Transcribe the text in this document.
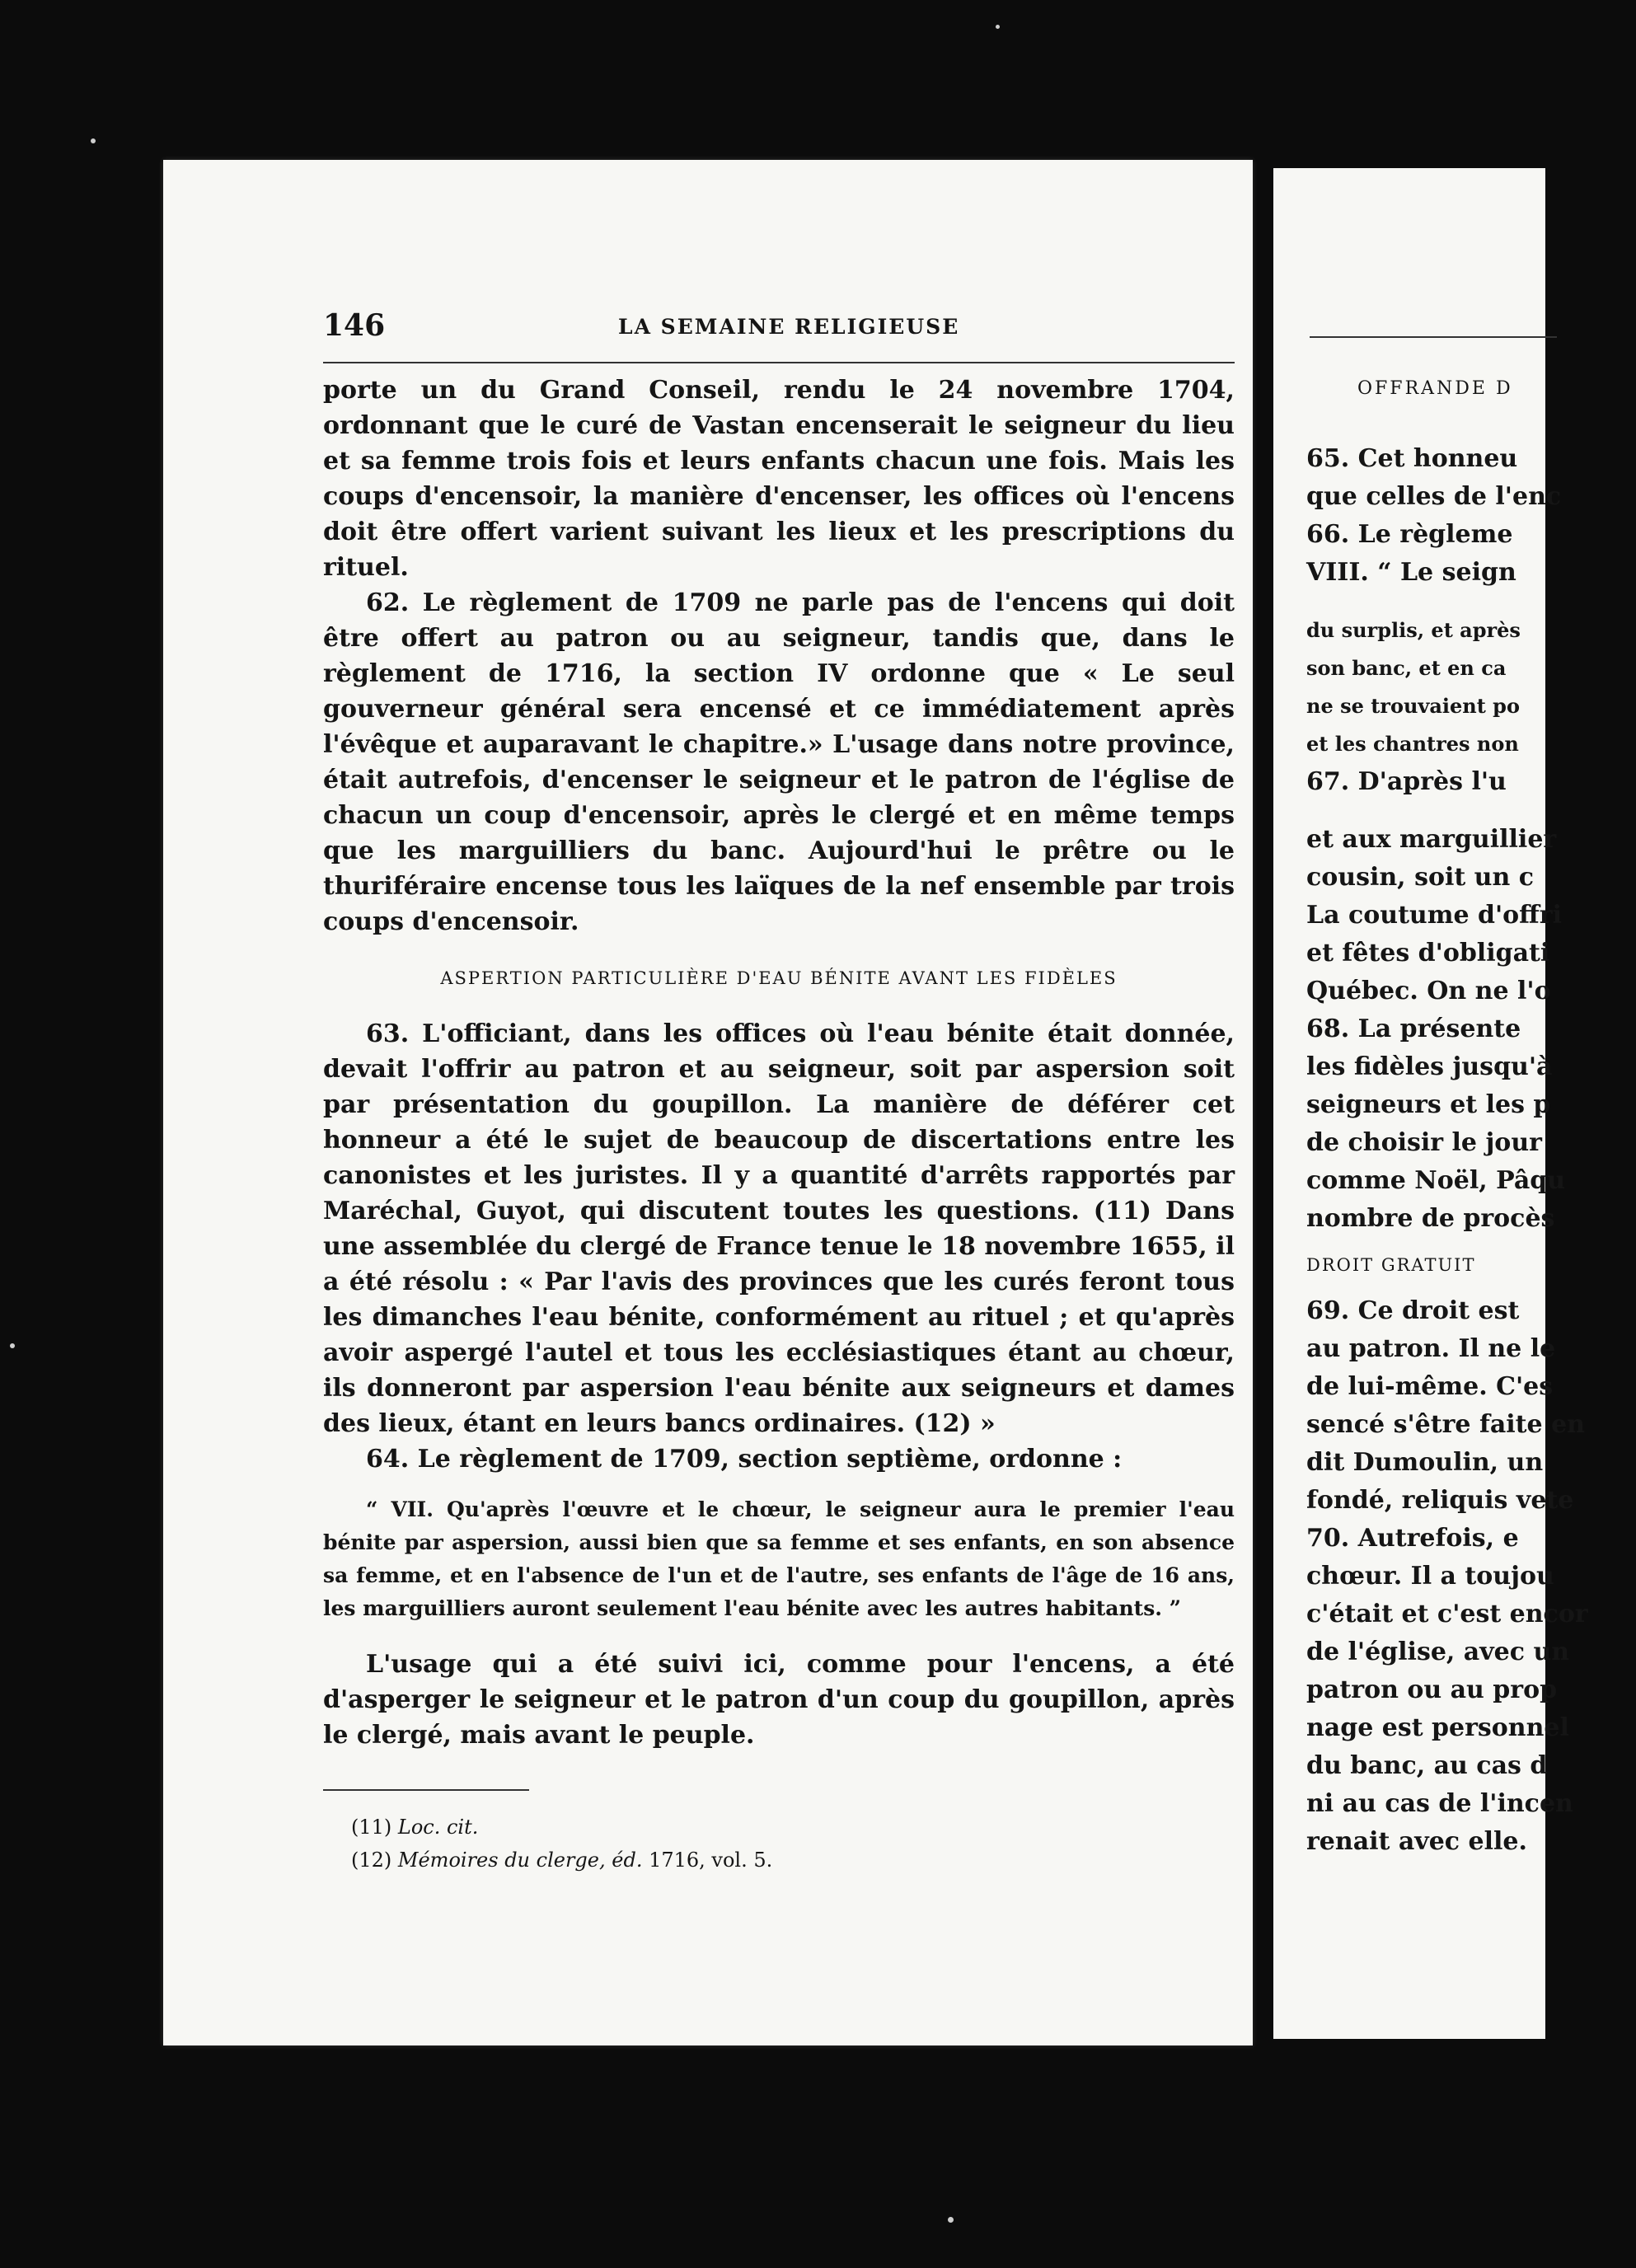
146	LA SEMAINE RELIGIEUSE

porte un du Grand Conseil, rendu le 24 novembre 1704, ordonnant que le curé de Vastan encenserait le seigneur du lieu et sa femme trois fois et leurs enfants chacun une fois. Mais les coups d'encensoir, la manière d'encenser, les offices où l'encens doit être offert varient suivant les lieux et les prescriptions du rituel.

62. Le règlement de 1709 ne parle pas de l'encens qui doit être offert au patron ou au seigneur, tandis que, dans le règlement de 1716, la section IV ordonne que « Le seul gouverneur général sera encensé et ce immédiatement après l'évêque et auparavant le chapitre.» L'usage dans notre province, était autrefois, d'encenser le seigneur et le patron de l'église de chacun un coup d'encensoir, après le clergé et en même temps que les marguilliers du banc. Aujourd'hui le prêtre ou le thuriféraire encense tous les laïques de la nef ensemble par trois coups d'encensoir.

ASPERTION PARTICULIÈRE D'EAU BÉNITE AVANT LES FIDÈLES

63. L'officiant, dans les offices où l'eau bénite était donnée, devait l'offrir au patron et au seigneur, soit par aspersion soit par présentation du goupillon. La manière de déférer cet honneur a été le sujet de beaucoup de discertations entre les canonistes et les juristes. Il y a quantité d'arrêts rapportés par Maréchal, Guyot, qui discutent toutes les questions. (11) Dans une assemblée du clergé de France tenue le 18 novembre 1655, il a été résolu : « Par l'avis des provinces que les curés feront tous les dimanches l'eau bénite, conformément au rituel ; et qu'après avoir aspergé l'autel et tous les ecclésiastiques étant au chœur, ils donneront par aspersion l'eau bénite aux seigneurs et dames des lieux, étant en leurs bancs ordinaires. (12) »

64. Le règlement de 1709, section septième, ordonne :

“ VII. Qu'après l'œuvre et le chœur, le seigneur aura le premier l'eau bénite par aspersion, aussi bien que sa femme et ses enfants, en son absence sa femme, et en l'absence de l'un et de l'autre, ses enfants de l'âge de 16 ans, les marguilliers auront seulement l'eau bénite avec les autres habitants. ”

L'usage qui a été suivi ici, comme pour l'encens, a été d'asperger le seigneur et le patron d'un coup du goupillon, après le clergé, mais avant le peuple.

(11) Loc. cit.
(12) Mémoires du clerge, éd. 1716, vol. 5.
OFFRANDE D
65. Cet honneu
que celles de l'enc
66. Le règleme
VIII. “ Le seign
du surplis, et après
son banc, et en ca
ne se trouvaient po
et les chantres non
67. D'après l'u
et aux marguillier
cousin, soit un c
La coutume d'offri
et fêtes d'obligati
Québec. On ne l'o
68. La présente
les fidèles jusqu'à
seigneurs et les p
de choisir le jour
comme Noël, Pâqu
nombre de procès
DROIT GRATUIT
69. Ce droit est
au patron. Il ne le
de lui-même. C'es
sencé s'être faite en
dit Dumoulin, un
fondé, reliquis vete
70. Autrefois, e
chœur. Il a toujou
c'était et c'est encor
de l'église, avec un
patron ou au prop
nage est personnel
du banc, au cas d
ni au cas de l'incen
renait avec elle.
